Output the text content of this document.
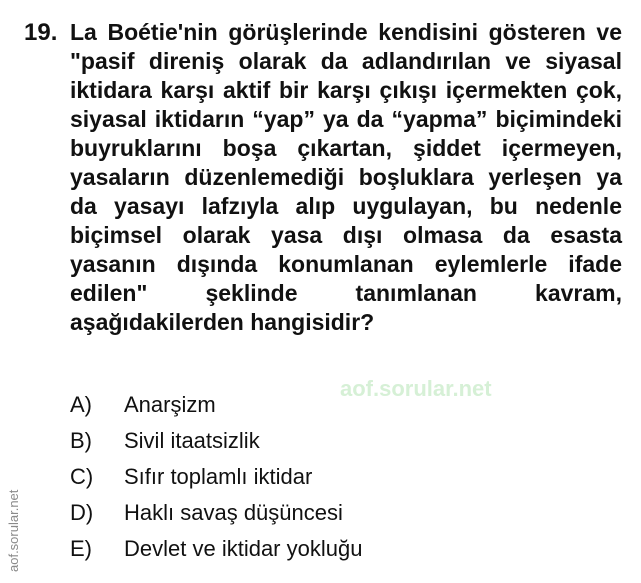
19. La Boétie'nin görüşlerinde kendisini gösteren ve "pasif direniş olarak da adlandırılan ve siyasal iktidara karşı aktif bir karşı çıkışı içermekten çok, siyasal iktidarın “yap” ya da “yapma” biçimindeki buyruklarını boşa çıkartan, şiddet içermeyen, yasaların düzenlemediği boşluklara yerleşen ya da yasayı lafzıyla alıp uygulayan, bu nedenle biçimsel olarak yasa dışı olmasa da esasta yasanın dışında konumlanan eylemlerle ifade edilen" şeklinde tanımlanan kavram, aşağıdakilerden hangisidir?

A)	Anarşizm
B)	Sivil itaatsizlik
C)	Sıfır toplamlı iktidar
D)	Haklı savaş düşüncesi
E)	Devlet ve iktidar yokluğu
aof.sorular.net
aof.sorular.net
